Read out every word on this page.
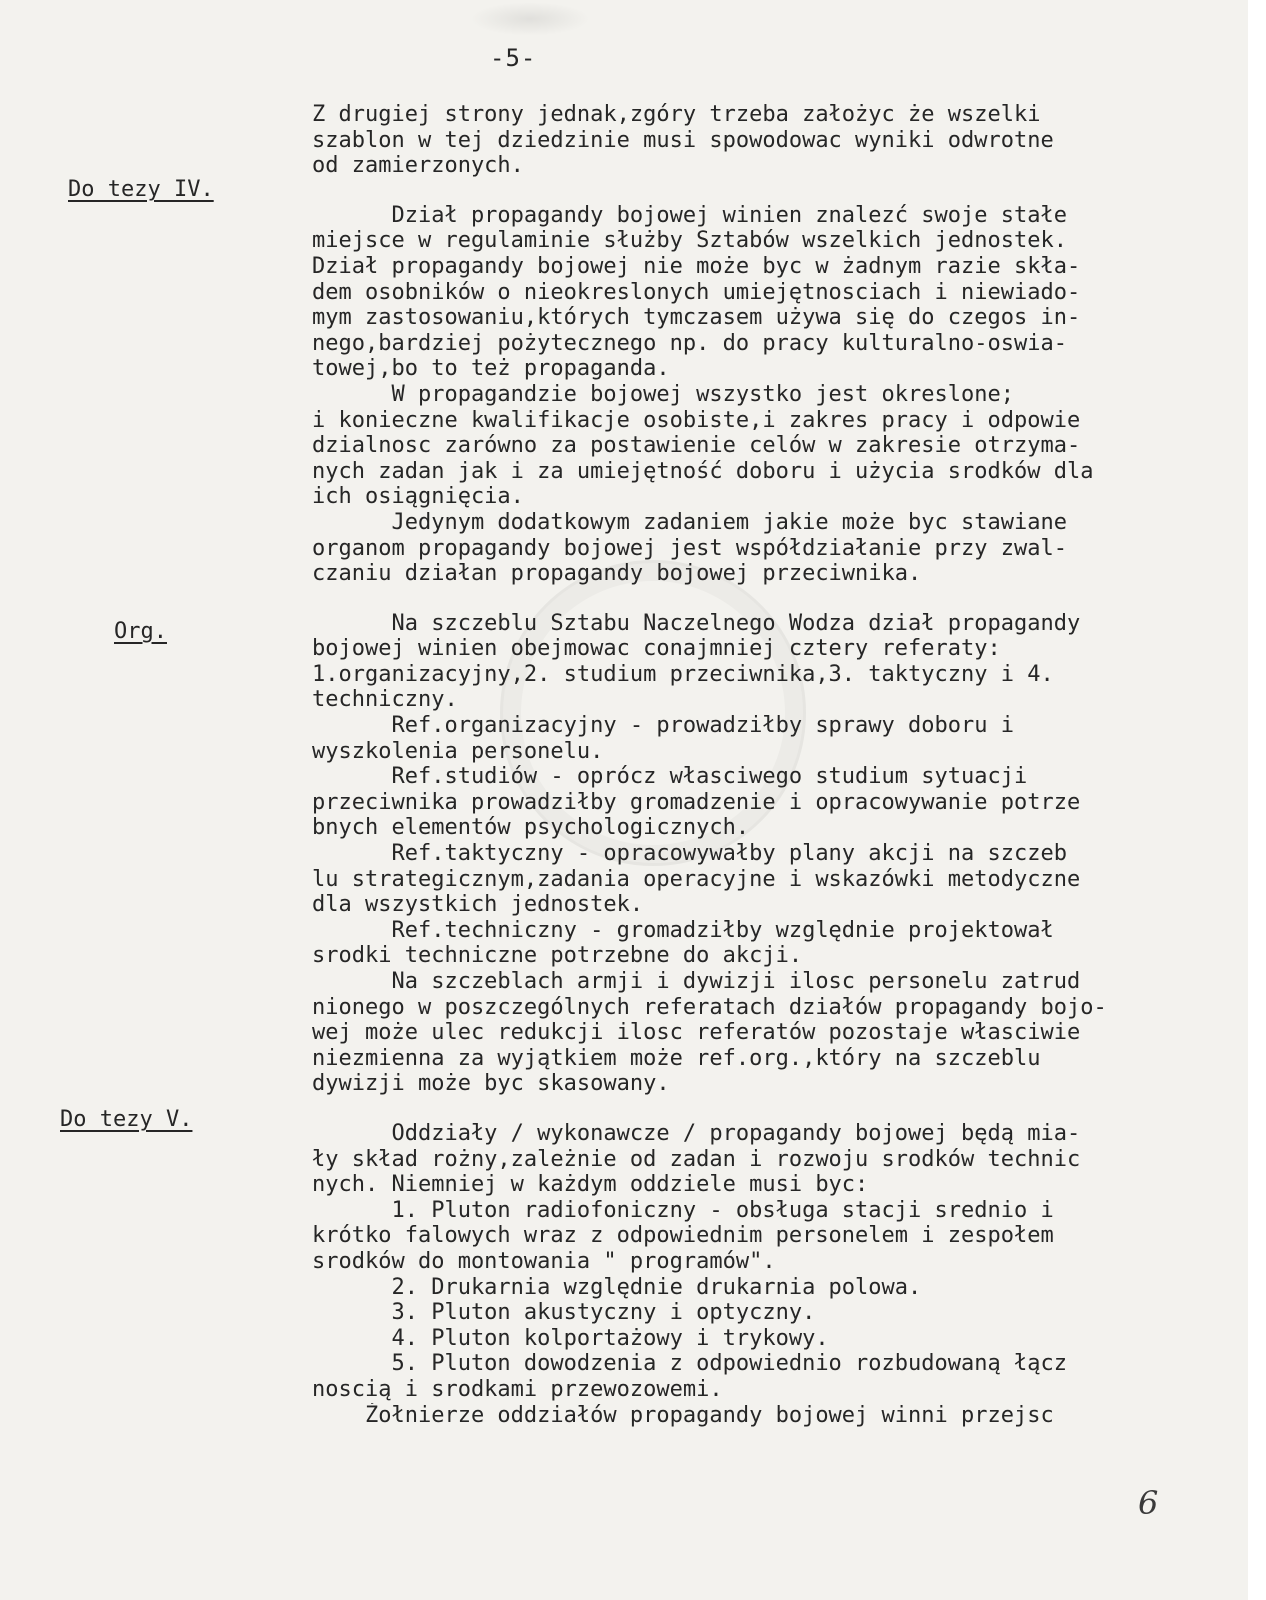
-5-
Do tezy IV.
Org.
Do tezy V.
Z drugiej strony jednak,zgóry trzeba założyc że wszelki
szablon w tej dziedzinie musi spowodowac wyniki odwrotne
od zamierzonych.
Dział propagandy bojowej winien znalezć swoje stałe
miejsce w regulaminie służby Sztabów wszelkich jednostek.
Dział propagandy bojowej nie może byc w żadnym razie skła-
dem osobników o nieokreslonych umiejętnosciach i niewiado-
mym zastosowaniu,których tymczasem używa się do czegos in-
nego,bardziej pożytecznego np. do pracy kulturalno-oswia-
towej,bo to też propaganda.
W propagandzie bojowej wszystko jest okreslone;
i konieczne kwalifikacje osobiste,i zakres pracy i odpowie
dzialnosc zarówno za postawienie celów w zakresie otrzyma-
nych zadan jak i za umiejętność doboru i użycia srodków dla
ich osiągnięcia.
Jedynym dodatkowym zadaniem jakie może byc stawiane
organom propagandy bojowej jest współdziałanie przy zwal-
czaniu działan propagandy bojowej przeciwnika.
Na szczeblu Sztabu Naczelnego Wodza dział propagandy
bojowej winien obejmowac conajmniej cztery referaty:
1.organizacyjny,2. studium przeciwnika,3. taktyczny i 4.
techniczny.
Ref.organizacyjny - prowadziłby sprawy doboru i
wyszkolenia personelu.
Ref.studiów - oprócz własciwego studium sytuacji
przeciwnika prowadziłby gromadzenie i opracowywanie potrze
bnych elementów psychologicznych.
Ref.taktyczny - opracowywałby plany akcji na szczeb
lu strategicznym,zadania operacyjne i wskazówki metodyczne
dla wszystkich jednostek.
Ref.techniczny - gromadziłby względnie projektował
srodki techniczne potrzebne do akcji.
Na szczeblach armji i dywizji ilosc personelu zatrud
nionego w poszczególnych referatach działów propagandy bojo-
wej może ulec redukcji ilosc referatów pozostaje własciwie
niezmienna za wyjątkiem może ref.org.,który na szczeblu
dywizji może byc skasowany.
Oddziały / wykonawcze / propagandy bojowej będą mia-
ły skład rożny,zależnie od zadan i rozwoju srodków technic
nych. Niemniej w każdym oddziele musi byc:
1. Pluton radiofoniczny - obsługa stacji srednio i
krótko falowych wraz z odpowiednim personelem i zespołem
srodków do montowania " programów".
2. Drukarnia względnie drukarnia polowa.
3. Pluton akustyczny i optyczny.
4. Pluton kolportażowy i trykowy.
5. Pluton dowodzenia z odpowiednio rozbudowaną łącz
noscią i srodkami przewozowemi.
Żołnierze oddziałów propagandy bojowej winni przejsc
6
